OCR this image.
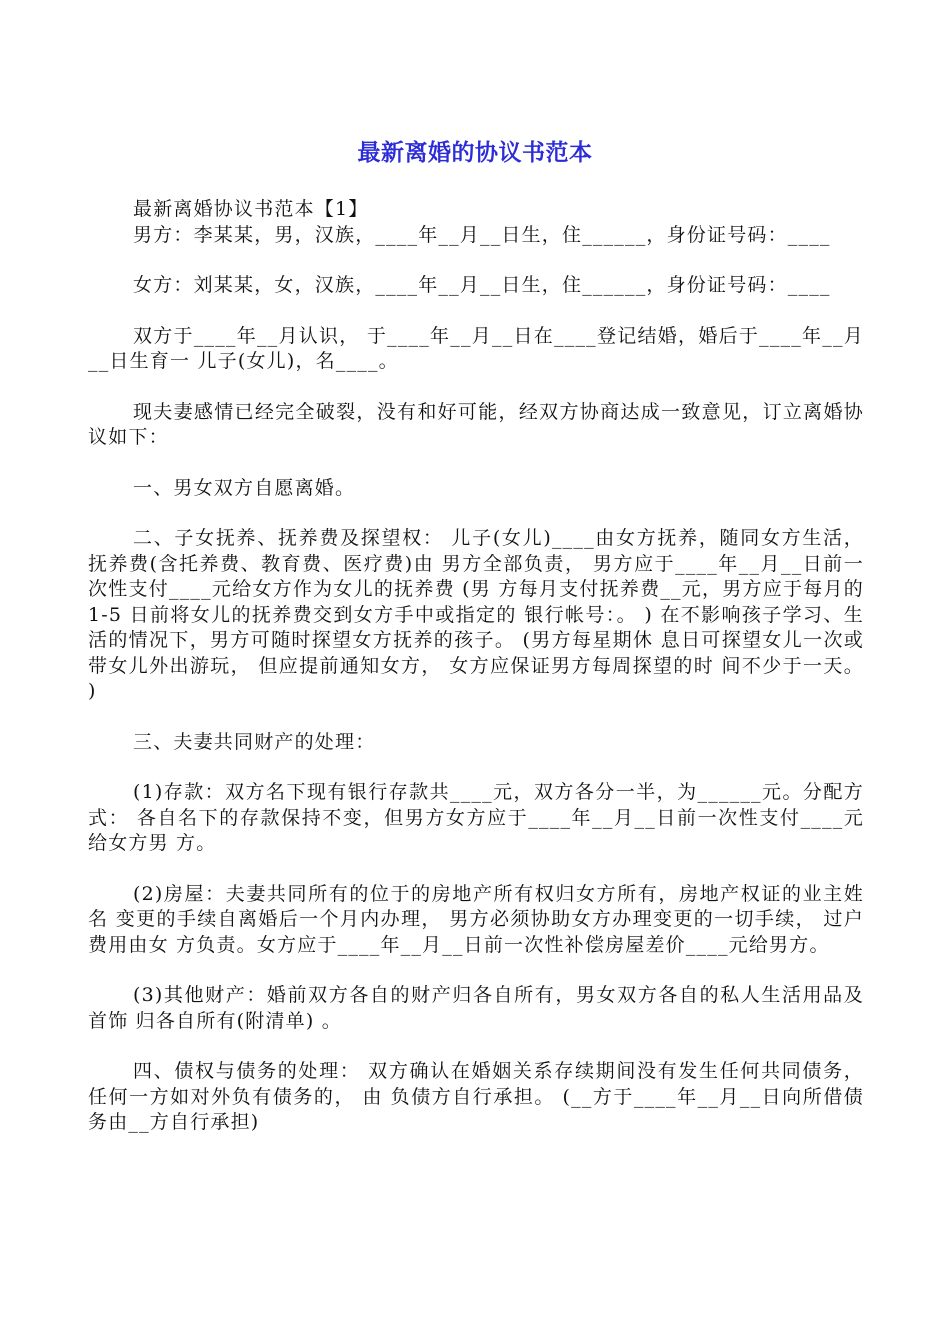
最新离婚的协议书范本

最新离婚协议书范本【1】

男方：李某某，男，汉族，____年__月__日生，住______，身份证号码：____

女方：刘某某，女，汉族，____年__月__日生，住______，身份证号码：____

双方于____年__月认识， 于____年__月__日在____登记结婚，婚后于____年__月__日生育一 儿子(女儿)，名____。

现夫妻感情已经完全破裂，没有和好可能，经双方协商达成一致意见，订立离婚协议如下：

一、男女双方自愿离婚。

二、子女抚养、抚养费及探望权： 儿子(女儿)____由女方抚养，随同女方生活，抚养费(含托养费、教育费、医疗费)由 男方全部负责， 男方应于____年__月__日前一次性支付____元给女方作为女儿的抚养费 (男 方每月支付抚养费__元，男方应于每月的 1-5 日前将女儿的抚养费交到女方手中或指定的 银行帐号：。 ) 在不影响孩子学习、生活的情况下，男方可随时探望女方抚养的孩子。 (男方每星期休 息日可探望女儿一次或带女儿外出游玩， 但应提前通知女方， 女方应保证男方每周探望的时 间不少于一天。 )

三、夫妻共同财产的处理：

(1)存款：双方名下现有银行存款共____元，双方各分一半，为______元。分配方式： 各自名下的存款保持不变，但男方女方应于____年__月__日前一次性支付____元给女方男 方。

(2)房屋：夫妻共同所有的位于的房地产所有权归女方所有，房地产权证的业主姓名 变更的手续自离婚后一个月内办理， 男方必须协助女方办理变更的一切手续， 过户费用由女 方负责。女方应于____年__月__日前一次性补偿房屋差价____元给男方。

(3)其他财产：婚前双方各自的财产归各自所有，男女双方各自的私人生活用品及首饰 归各自所有(附清单) 。

四、债权与债务的处理： 双方确认在婚姻关系存续期间没有发生任何共同债务， 任何一方如对外负有债务的， 由 负债方自行承担。 (__方于____年__月__日向所借债务由__方自行承担)
